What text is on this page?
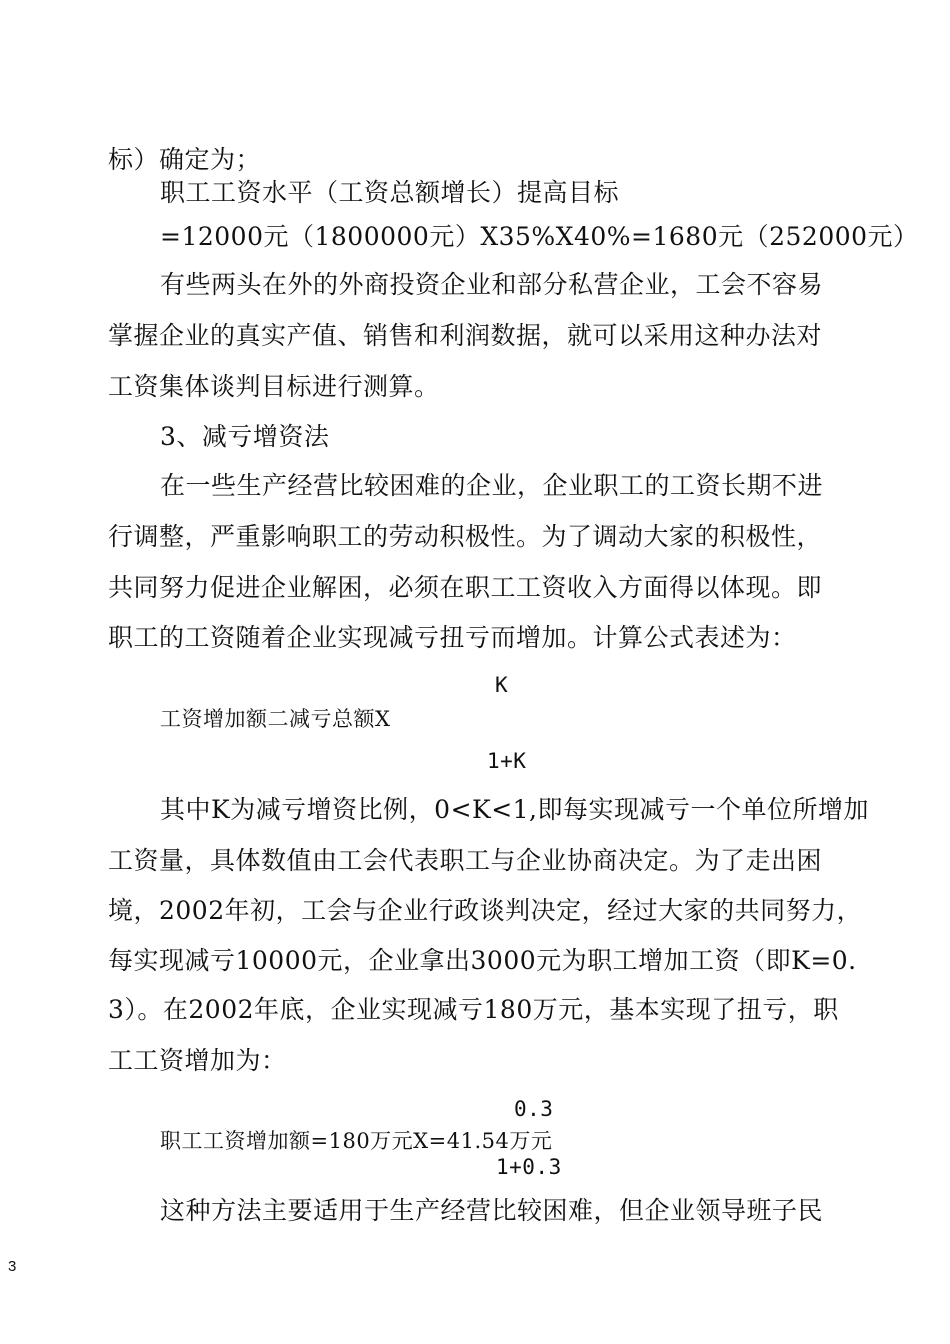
标）确定为；
职工工资水平（工资总额增长）提高目标
=12000元（1800000元）X35%X40%=1680元（252000元）
有些两头在外的外商投资企业和部分私营企业，工会不容易
掌握企业的真实产值、销售和利润数据，就可以采用这种办法对
工资集体谈判目标进行测算。
3、减亏增资法
在一些生产经营比较困难的企业，企业职工的工资长期不进
行调整，严重影响职工的劳动积极性。为了调动大家的积极性，
共同努力促进企业解困，必须在职工工资收入方面得以体现。即
职工的工资随着企业实现减亏扭亏而增加。计算公式表述为：
K
工资增加额二减亏总额X
1+K
其中K为减亏增资比例，0<K<1,即每实现减亏一个单位所增加
工资量，具体数值由工会代表职工与企业协商决定。为了走出困
境，2002年初，工会与企业行政谈判决定，经过大家的共同努力，
每实现减亏10000元，企业拿出3000元为职工增加工资（即K=0.
3）。在2002年底，企业实现减亏180万元，基本实现了扭亏，职
工工资增加为：
0.3
职工工资增加额=180万元X=41.54万元
1+0.3
这种方法主要适用于生产经营比较困难，但企业领导班子民
3
